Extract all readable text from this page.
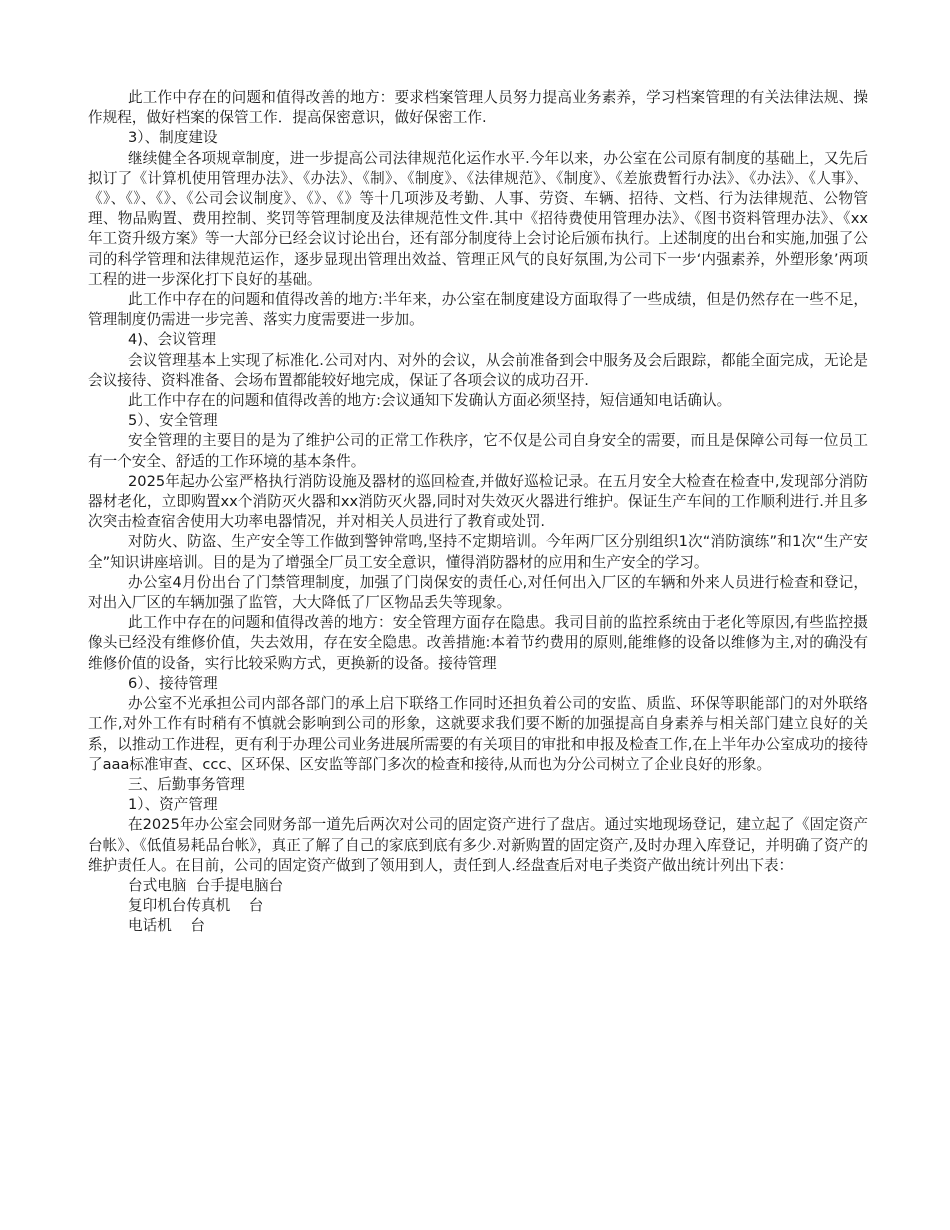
此工作中存在的问题和值得改善的地方：要求档案管理人员努力提高业务素养，学习档案管理的有关法律法规、操作规程，做好档案的保管工作．提高保密意识，做好保密工作.

3）、制度建设

继续健全各项规章制度，进一步提高公司法律规范化运作水平.今年以来，办公室在公司原有制度的基础上，又先后拟订了《计算机使用管理办法》、《办法》、《制》、《制度》、《法律规范》、《制度》、《差旅费暂行办法》、《办法》、《人事》、《》、《》、《》、《公司会议制度》、《》、《》等十几项涉及考勤、人事、劳资、车辆、招待、文档、行为法律规范、公物管理、物品购置、费用控制、奖罚等管理制度及法律规范性文件.其中《招待费使用管理办法》、《图书资料管理办法》、《xx年工资升级方案》等一大部分已经会议讨论出台，还有部分制度待上会讨论后颁布执行。上述制度的出台和实施,加强了公司的科学管理和法律规范运作，逐步显现出管理出效益、管理正风气的良好氛围,为公司下一步‘内强素养，外塑形象’两项工程的进一步深化打下良好的基础。

此工作中存在的问题和值得改善的地方:半年来，办公室在制度建设方面取得了一些成绩，但是仍然存在一些不足，管理制度仍需进一步完善、落实力度需要进一步加。

4)、会议管理

会议管理基本上实现了标准化.公司对内、对外的会议，从会前准备到会中服务及会后跟踪，都能全面完成，无论是会议接待、资料准备、会场布置都能较好地完成，保证了各项会议的成功召开.

此工作中存在的问题和值得改善的地方:会议通知下发确认方面必须坚持，短信通知电话确认。

5）、安全管理

安全管理的主要目的是为了维护公司的正常工作秩序，它不仅是公司自身安全的需要，而且是保障公司每一位员工有一个安全、舒适的工作环境的基本条件。

2025年起办公室严格执行消防设施及器材的巡回检查,并做好巡检记录。在五月安全大检查在检查中,发现部分消防器材老化，立即购置xx个消防灭火器和xx消防灭火器,同时对失效灭火器进行维护。保证生产车间的工作顺利进行.并且多次突击检查宿舍使用大功率电器情况，并对相关人员进行了教育或处罚.

对防火、防盗、生产安全等工作做到警钟常鸣,坚持不定期培训。今年两厂区分别组织1次“消防演练”和1次“生产安全”知识讲座培训。目的是为了增强全厂员工安全意识，懂得消防器材的应用和生产安全的学习。

办公室4月份出台了门禁管理制度，加强了门岗保安的责任心,对任何出入厂区的车辆和外来人员进行检查和登记，对出入厂区的车辆加强了监管，大大降低了厂区物品丢失等现象。

此工作中存在的问题和值得改善的地方：安全管理方面存在隐患。我司目前的监控系统由于老化等原因,有些监控摄像头已经没有维修价值，失去效用，存在安全隐患。改善措施:本着节约费用的原则,能维修的设备以维修为主,对的确没有维修价值的设备，实行比较采购方式，更换新的设备。接待管理

6）、接待管理

办公室不光承担公司内部各部门的承上启下联络工作同时还担负着公司的安监、质监、环保等职能部门的对外联络工作,对外工作有时稍有不慎就会影响到公司的形象，这就要求我们要不断的加强提高自身素养与相关部门建立良好的关系，以推动工作进程，更有利于办理公司业务进展所需要的有关项目的审批和申报及检查工作,在上半年办公室成功的接待了aaa标准审查、ccc、区环保、区安监等部门多次的检查和接待,从而也为分公司树立了企业良好的形象。

三、后勤事务管理

1）、资产管理

在2025年办公室会同财务部一道先后两次对公司的固定资产进行了盘店。通过实地现场登记，建立起了《固定资产台帐》、《低值易耗品台帐》，真正了解了自己的家底到底有多少.对新购置的固定资产,及时办理入库登记，并明确了资产的维护责任人。在目前，公司的固定资产做到了领用到人，责任到人.经盘查后对电子类资产做出统计列出下表：

台式电脑  台手提电脑台

复印机台传真机    台

电话机    台
